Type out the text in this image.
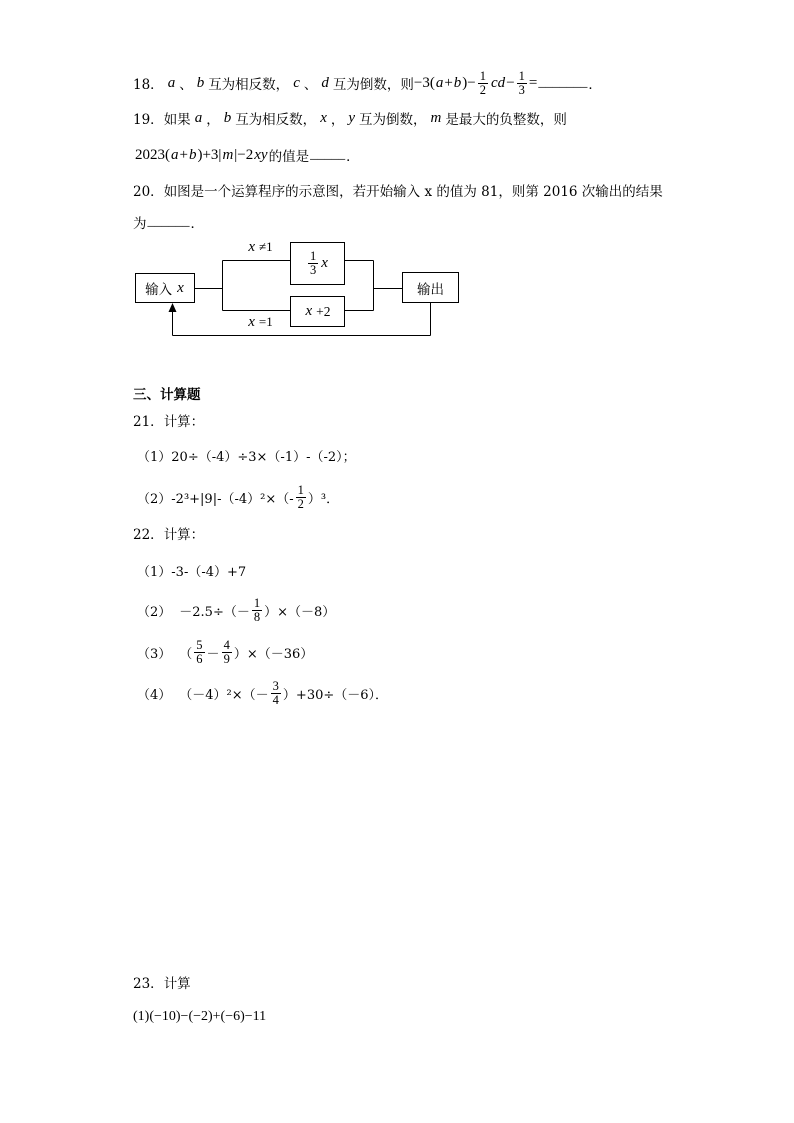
18． a 、 b 互为相反数， c 、 d 互为倒数，则 −3 ( a + b ) − $\frac{1}{2}$ cd − $\frac{1}{3}$ = _______ ．
19． 如果 a ， b 互为相反数， x ， y 互为倒数， m 是最大的负整数，则
2023( a + b )+3| m |−2 xy 的值是 _____ ．
20． 如图是一个运算程序的示意图，若开始输入 x 的值为 81，则第 2016 次输出的结果
为 ______ ．
输入 x
x ≠1
$\frac{1}{3}$ x
x =1
x +2
输出
三、计算题
21． 计算：
（1） 20÷（-4）÷3×（-1）-（-2）；
（2） $-2^3+|9|-(-4)^2\times(- \frac{1}{2} )^3$．
22． 计算：
（1） -3-（-4）+7
$(2) -2.5\div(- \frac{1}{8} )\times(-8)$
（3） （ $\frac{5}{6} - \frac{4}{9} )\times(-36)$
（4） $(-4)^2\times(- \frac{3}{4} )+30\div(-6)$．
23． 计算
(1) (−10)−(−2)+(−6)−11
